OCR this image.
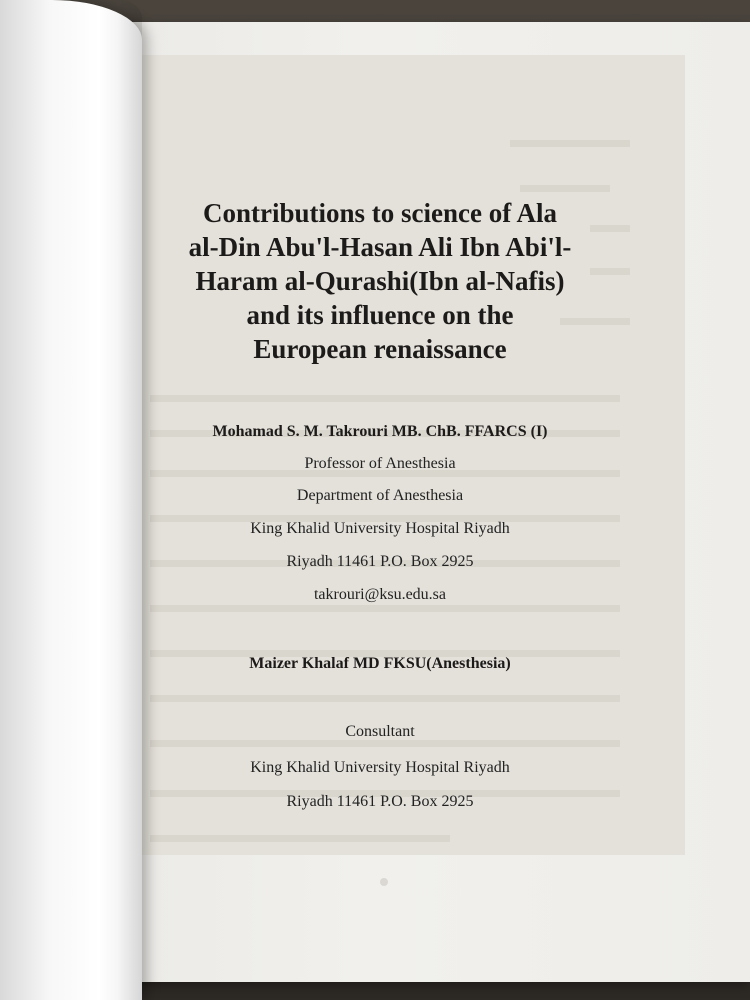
Contributions to science of Ala
al-Din Abu'l-Hasan Ali Ibn Abi'l-
Haram al-Qurashi(Ibn al-Nafis)
and its influence on the
European renaissance

Mohamad S. M. Takrouri MB. ChB. FFARCS (I)

Professor of Anesthesia

Department of Anesthesia

King Khalid University Hospital Riyadh

Riyadh 11461 P.O. Box 2925

takrouri@ksu.edu.sa

Maizer Khalaf MD FKSU(Anesthesia)

Consultant

King Khalid University Hospital Riyadh

Riyadh 11461 P.O. Box 2925
